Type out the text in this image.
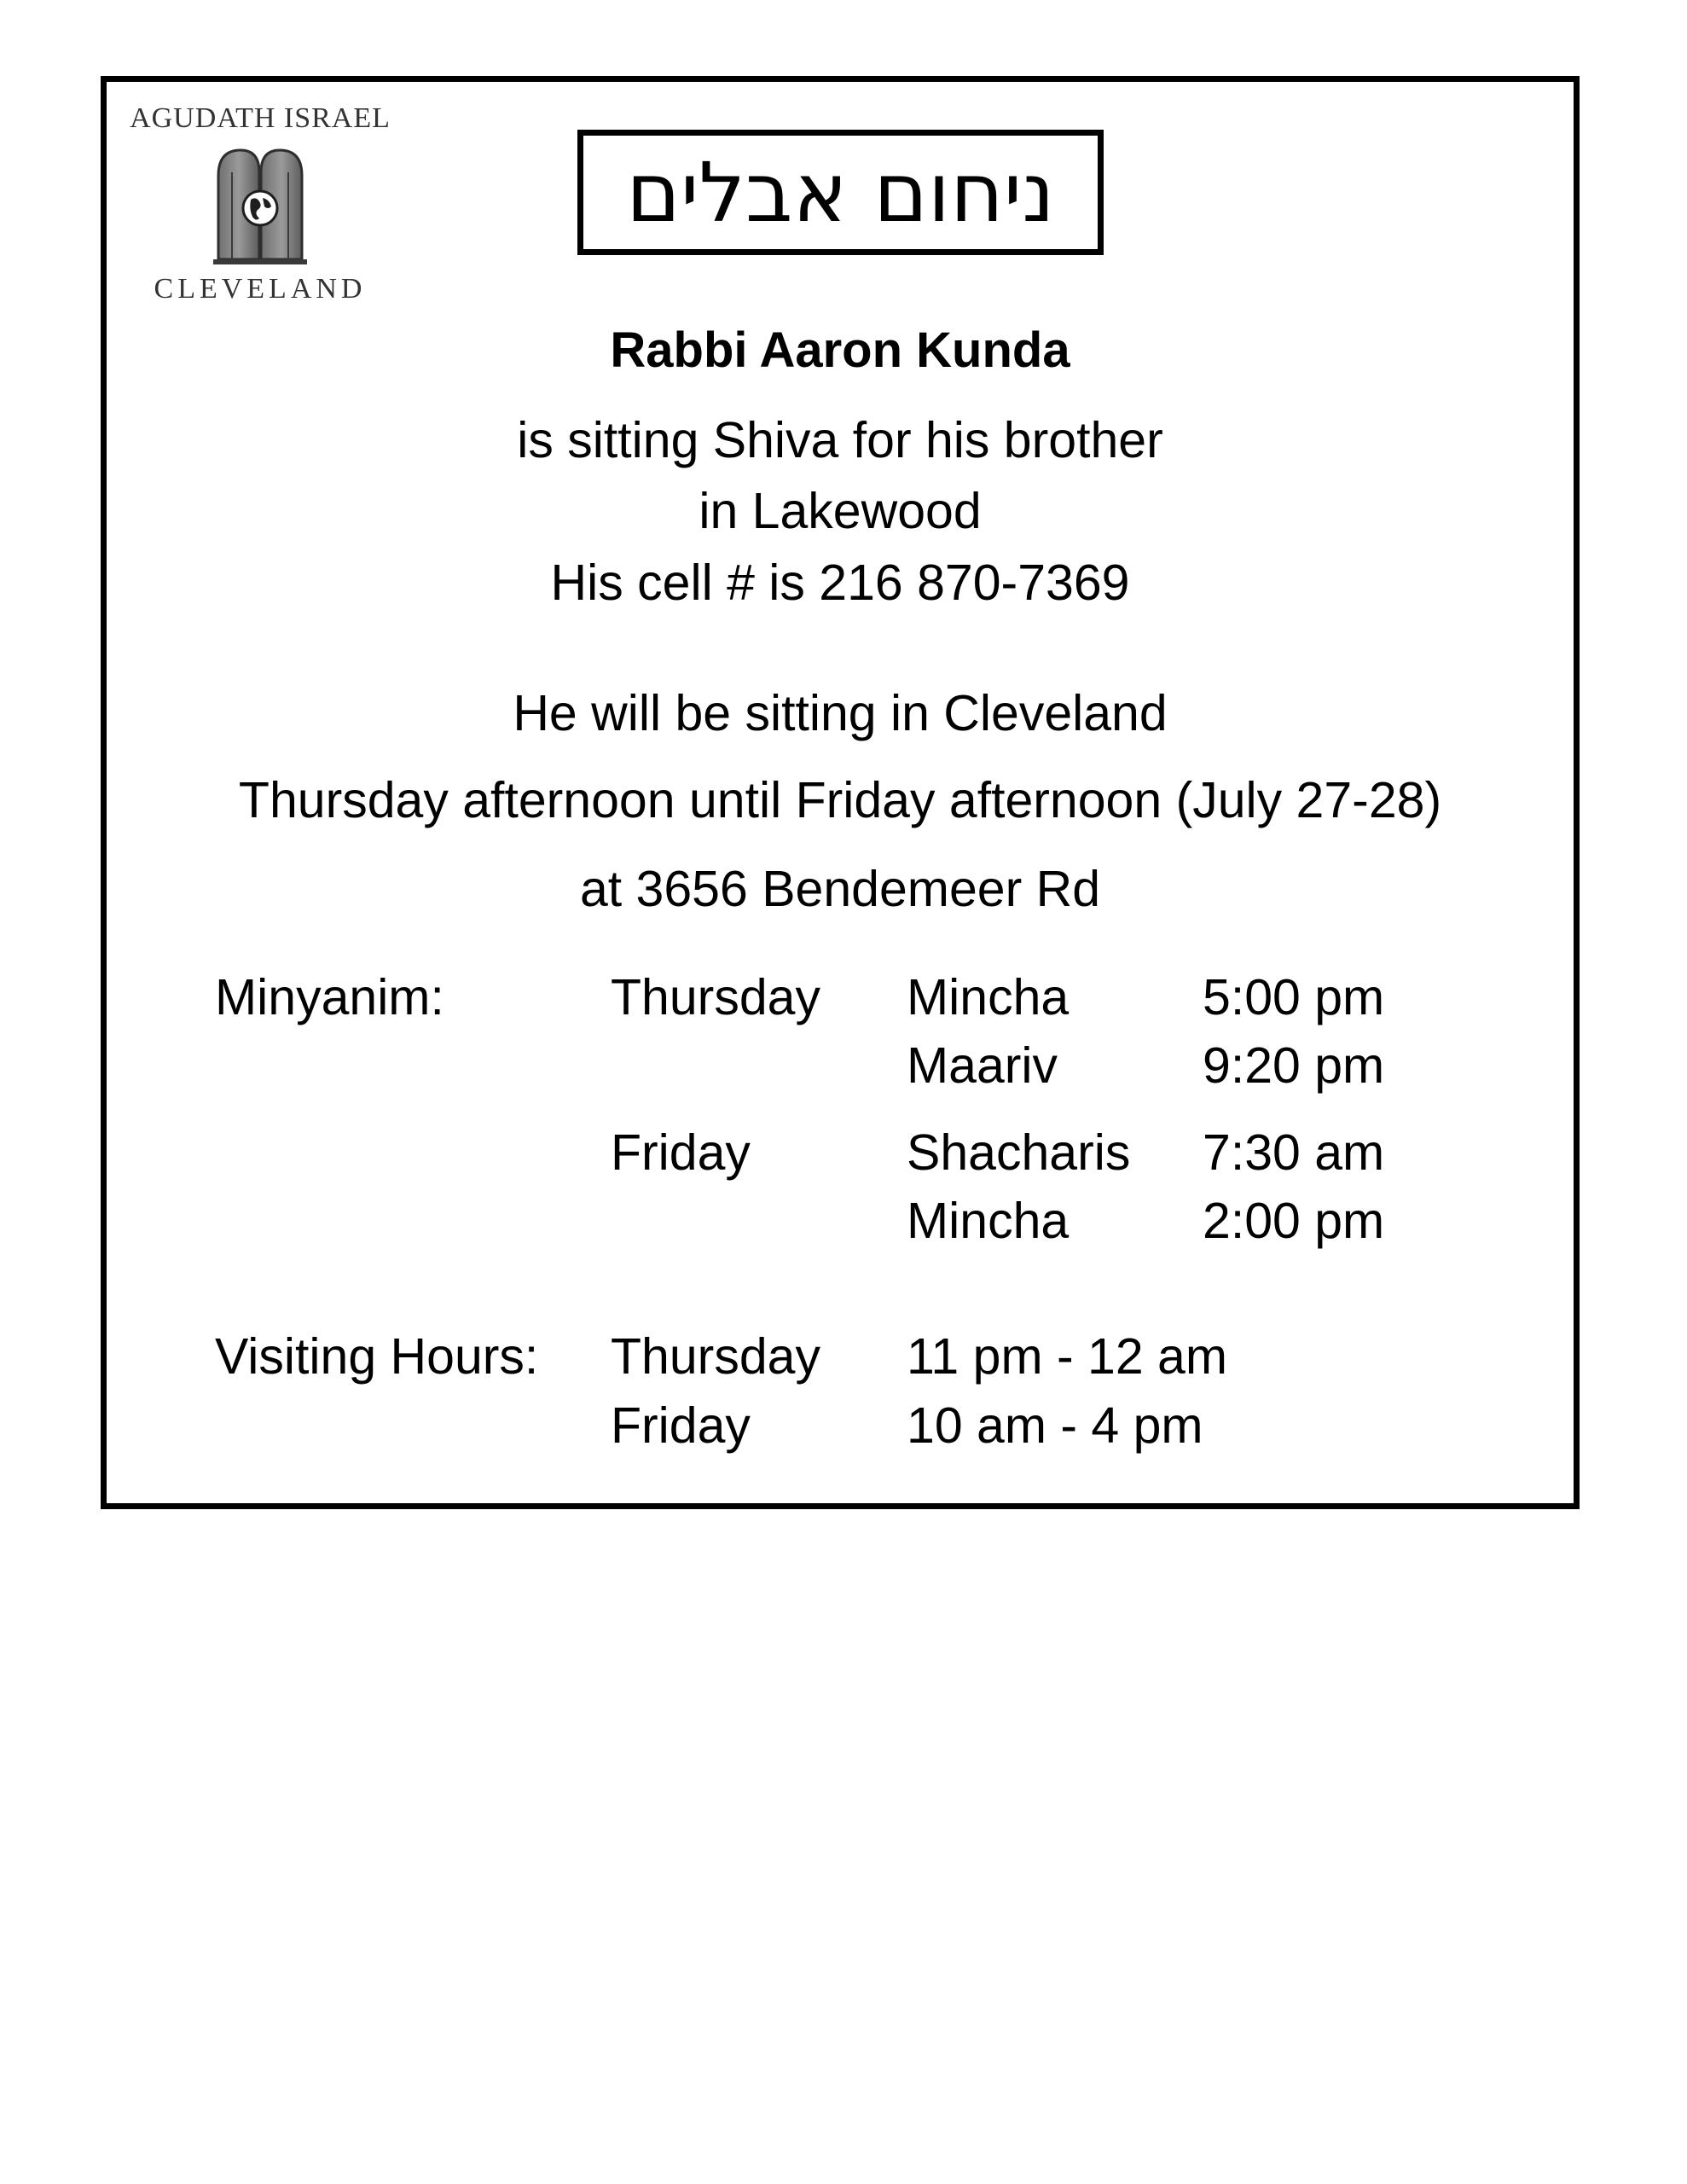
AGUDATH ISRAEL
CLEVELAND
ניחום אבלים
Rabbi Aaron Kunda
is sitting Shiva for his brother
in Lakewood
His cell # is 216 870-7369
He will be sitting in Cleveland
Thursday afternoon until Friday afternoon (July 27-28)
at 3656 Bendemeer Rd
Minyanim:	Thursday Mincha	5:00 pm
Maariv	9:20 pm
Friday	Shacharis 7:30 am
Mincha	2:00 pm
Visiting Hours: Thursday 11 pm - 12 am
Friday	10 am - 4 pm
